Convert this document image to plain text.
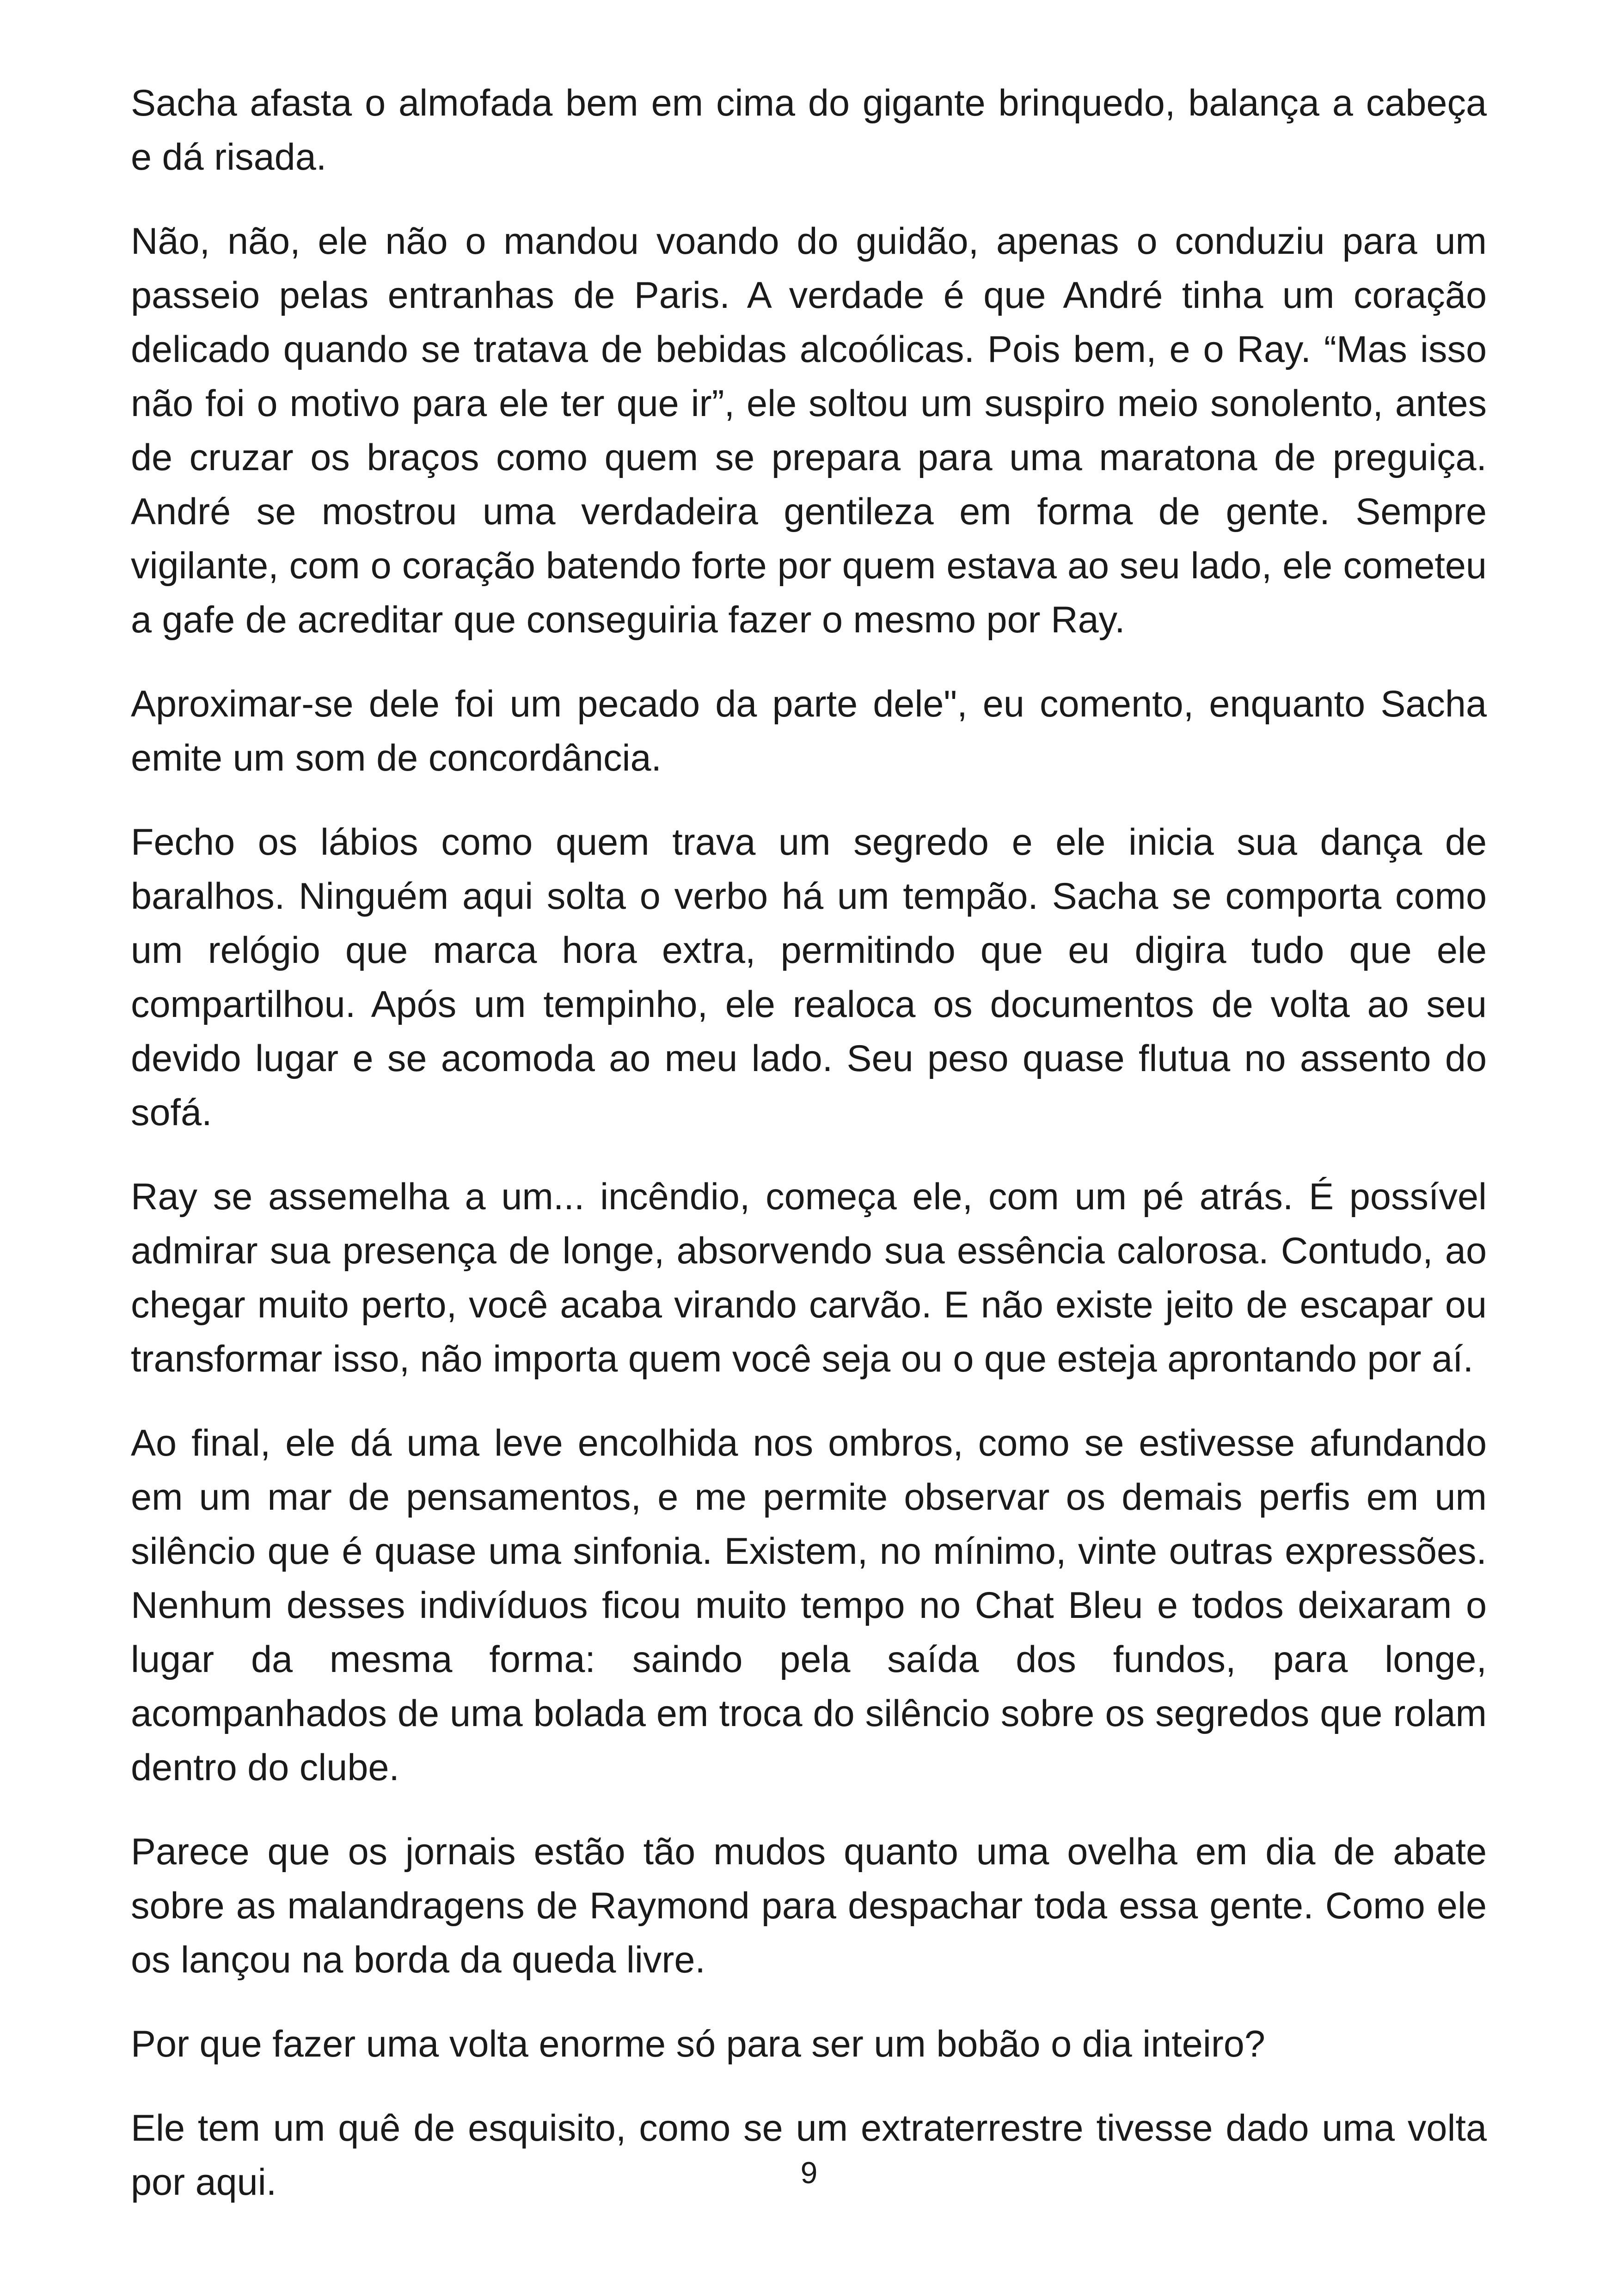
Sacha afasta o almofada bem em cima do gigante brinquedo, balança a cabeça e dá risada.

Não, não, ele não o mandou voando do guidão, apenas o conduziu para um passeio pelas entranhas de Paris. A verdade é que André tinha um coração delicado quando se tratava de bebidas alcoólicas. Pois bem, e o Ray. “Mas isso não foi o motivo para ele ter que ir”, ele soltou um suspiro meio sonolento, antes de cruzar os braços como quem se prepara para uma maratona de preguiça. André se mostrou uma verdadeira gentileza em forma de gente. Sempre vigilante, com o coração batendo forte por quem estava ao seu lado, ele cometeu a gafe de acreditar que conseguiria fazer o mesmo por Ray.

Aproximar-se dele foi um pecado da parte dele", eu comento, enquanto Sacha emite um som de concordância.

Fecho os lábios como quem trava um segredo e ele inicia sua dança de baralhos. Ninguém aqui solta o verbo há um tempão. Sacha se comporta como um relógio que marca hora extra, permitindo que eu digira tudo que ele compartilhou. Após um tempinho, ele realoca os documentos de volta ao seu devido lugar e se acomoda ao meu lado. Seu peso quase flutua no assento do sofá.

Ray se assemelha a um... incêndio, começa ele, com um pé atrás. É possível admirar sua presença de longe, absorvendo sua essência calorosa. Contudo, ao chegar muito perto, você acaba virando carvão. E não existe jeito de escapar ou transformar isso, não importa quem você seja ou o que esteja aprontando por aí.

Ao final, ele dá uma leve encolhida nos ombros, como se estivesse afundando em um mar de pensamentos, e me permite observar os demais perfis em um silêncio que é quase uma sinfonia. Existem, no mínimo, vinte outras expressões. Nenhum desses indivíduos ficou muito tempo no Chat Bleu e todos deixaram o lugar da mesma forma: saindo pela saída dos fundos, para longe, acompanhados de uma bolada em troca do silêncio sobre os segredos que rolam dentro do clube.

Parece que os jornais estão tão mudos quanto uma ovelha em dia de abate sobre as malandragens de Raymond para despachar toda essa gente. Como ele os lançou na borda da queda livre.

Por que fazer uma volta enorme só para ser um bobão o dia inteiro?

Ele tem um quê de esquisito, como se um extraterrestre tivesse dado uma volta por aqui.	9
